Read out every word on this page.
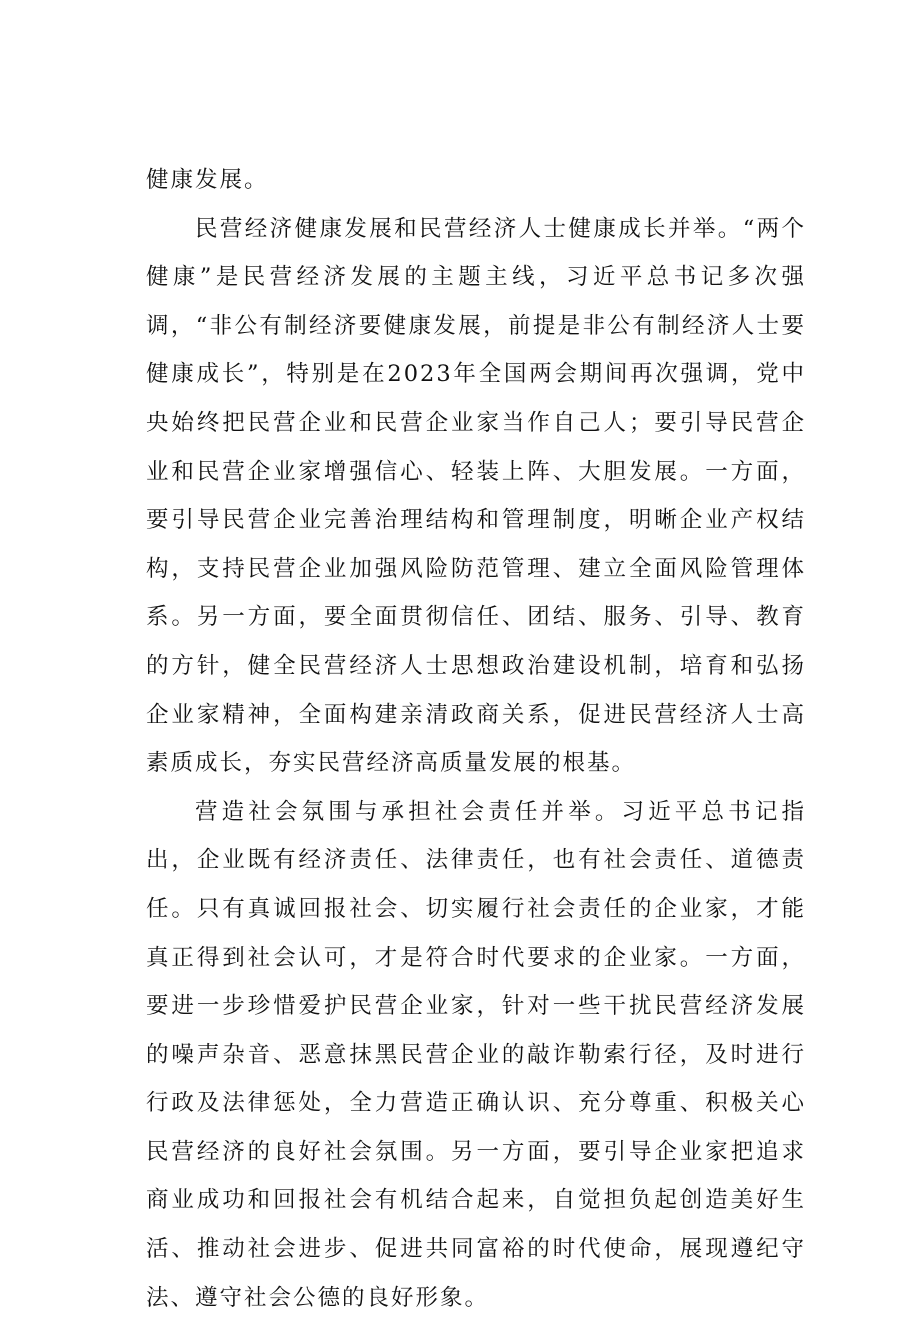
健康发展。

民营经济健康发展和民营经济人士健康成长并举。“两个健康”是民营经济发展的主题主线，习近平总书记多次强调，“非公有制经济要健康发展，前提是非公有制经济人士要健康成长”，特别是在2023年全国两会期间再次强调，党中央始终把民营企业和民营企业家当作自己人；要引导民营企业和民营企业家增强信心、轻装上阵、大胆发展。一方面，要引导民营企业完善治理结构和管理制度，明晰企业产权结构，支持民营企业加强风险防范管理、建立全面风险管理体系。另一方面，要全面贯彻信任、团结、服务、引导、教育的方针，健全民营经济人士思想政治建设机制，培育和弘扬企业家精神，全面构建亲清政商关系，促进民营经济人士高素质成长，夯实民营经济高质量发展的根基。

营造社会氛围与承担社会责任并举。习近平总书记指出，企业既有经济责任、法律责任，也有社会责任、道德责任。只有真诚回报社会、切实履行社会责任的企业家，才能真正得到社会认可，才是符合时代要求的企业家。一方面，要进一步珍惜爱护民营企业家，针对一些干扰民营经济发展的噪声杂音、恶意抹黑民营企业的敲诈勒索行径，及时进行行政及法律惩处，全力营造正确认识、充分尊重、积极关心民营经济的良好社会氛围。另一方面，要引导企业家把追求商业成功和回报社会有机结合起来，自觉担负起创造美好生活、推动社会进步、促进共同富裕的时代使命，展现遵纪守法、遵守社会公德的良好形象。
